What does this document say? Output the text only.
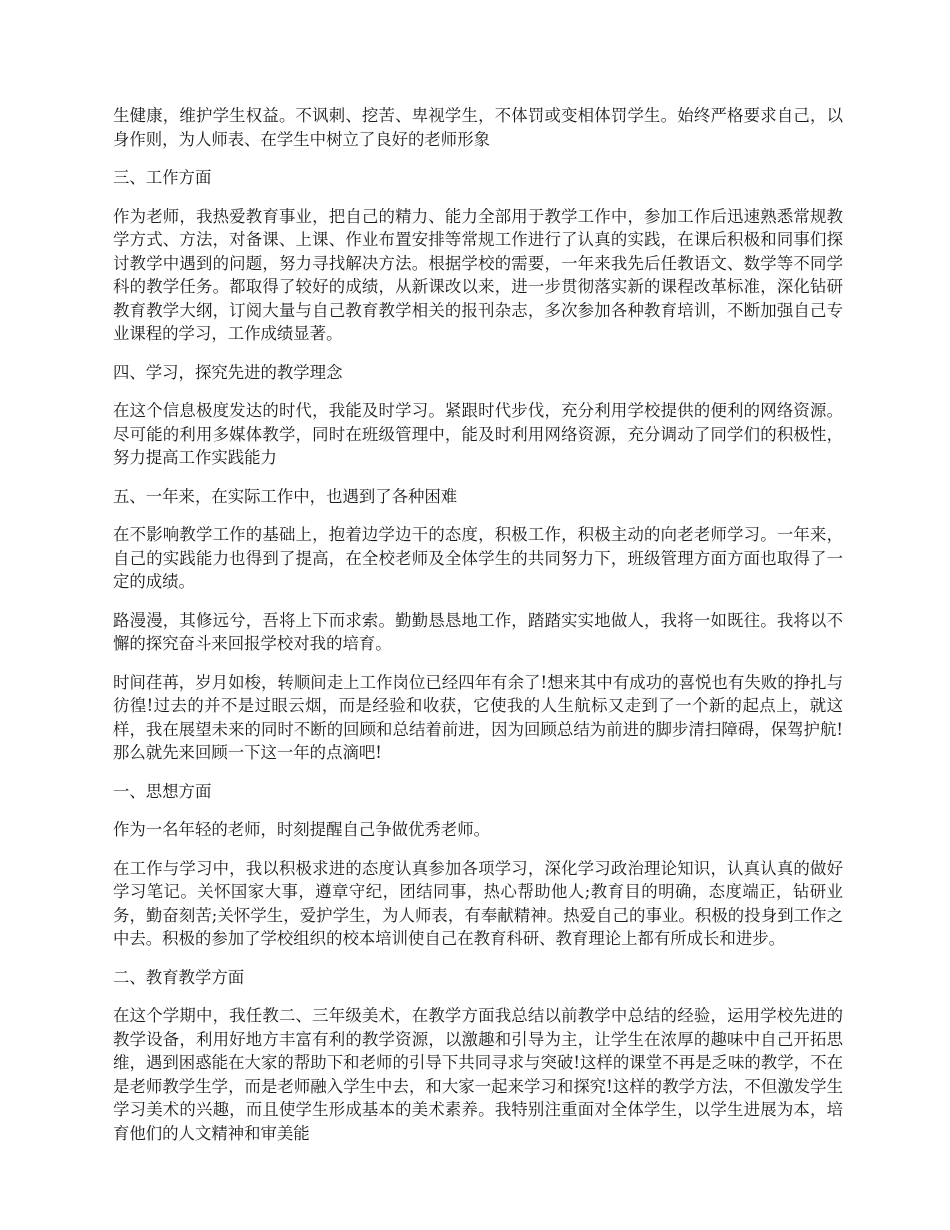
生健康，维护学生权益。不讽刺、挖苦、卑视学生，不体罚或变相体罚学生。始终严格要求自己，以身作则，为人师表、在学生中树立了良好的老师形象

三、工作方面

作为老师，我热爱教育事业，把自己的精力、能力全部用于教学工作中，参加工作后迅速熟悉常规教学方式、方法，对备课、上课、作业布置安排等常规工作进行了认真的实践，在课后积极和同事们探讨教学中遇到的问题，努力寻找解决方法。根据学校的需要，一年来我先后任教语文、数学等不同学科的教学任务。都取得了较好的成绩，从新课改以来，进一步贯彻落实新的课程改革标准，深化钻研教育教学大纲，订阅大量与自己教育教学相关的报刊杂志，多次参加各种教育培训，不断加强自己专业课程的学习，工作成绩显著。

四、学习，探究先进的教学理念

在这个信息极度发达的时代，我能及时学习。紧跟时代步伐，充分利用学校提供的便利的网络资源。尽可能的利用多媒体教学，同时在班级管理中，能及时利用网络资源，充分调动了同学们的积极性，努力提高工作实践能力

五、一年来，在实际工作中，也遇到了各种困难

在不影响教学工作的基础上，抱着边学边干的态度，积极工作，积极主动的向老老师学习。一年来，自己的实践能力也得到了提高，在全校老师及全体学生的共同努力下，班级管理方面方面也取得了一定的成绩。

路漫漫，其修远兮，吾将上下而求索。勤勤恳恳地工作，踏踏实实地做人，我将一如既往。我将以不懈的探究奋斗来回报学校对我的培育。

时间荏苒，岁月如梭，转顺间走上工作岗位已经四年有余了!想来其中有成功的喜悦也有失败的挣扎与彷徨!过去的并不是过眼云烟，而是经验和收获，它使我的人生航标又走到了一个新的起点上，就这样，我在展望未来的同时不断的回顾和总结着前进，因为回顾总结为前进的脚步清扫障碍，保驾护航!那么就先来回顾一下这一年的点滴吧!

一、思想方面

作为一名年轻的老师，时刻提醒自己争做优秀老师。

在工作与学习中，我以积极求进的态度认真参加各项学习，深化学习政治理论知识，认真认真的做好学习笔记。关怀国家大事，遵章守纪，团结同事，热心帮助他人;教育目的明确，态度端正，钻研业务，勤奋刻苦;关怀学生，爱护学生，为人师表，有奉献精神。热爱自己的事业。积极的投身到工作之中去。积极的参加了学校组织的校本培训使自己在教育科研、教育理论上都有所成长和进步。

二、教育教学方面

在这个学期中，我任教二、三年级美术，在教学方面我总结以前教学中总结的经验，运用学校先进的教学设备，利用好地方丰富有利的教学资源，以激趣和引导为主，让学生在浓厚的趣味中自己开拓思维，遇到困惑能在大家的帮助下和老师的引导下共同寻求与突破!这样的课堂不再是乏味的教学，不在是老师教学生学，而是老师融入学生中去，和大家一起来学习和探究!这样的教学方法，不但激发学生学习美术的兴趣，而且使学生形成基本的美术素养。我特别注重面对全体学生，以学生进展为本，培育他们的人文精神和审美能
